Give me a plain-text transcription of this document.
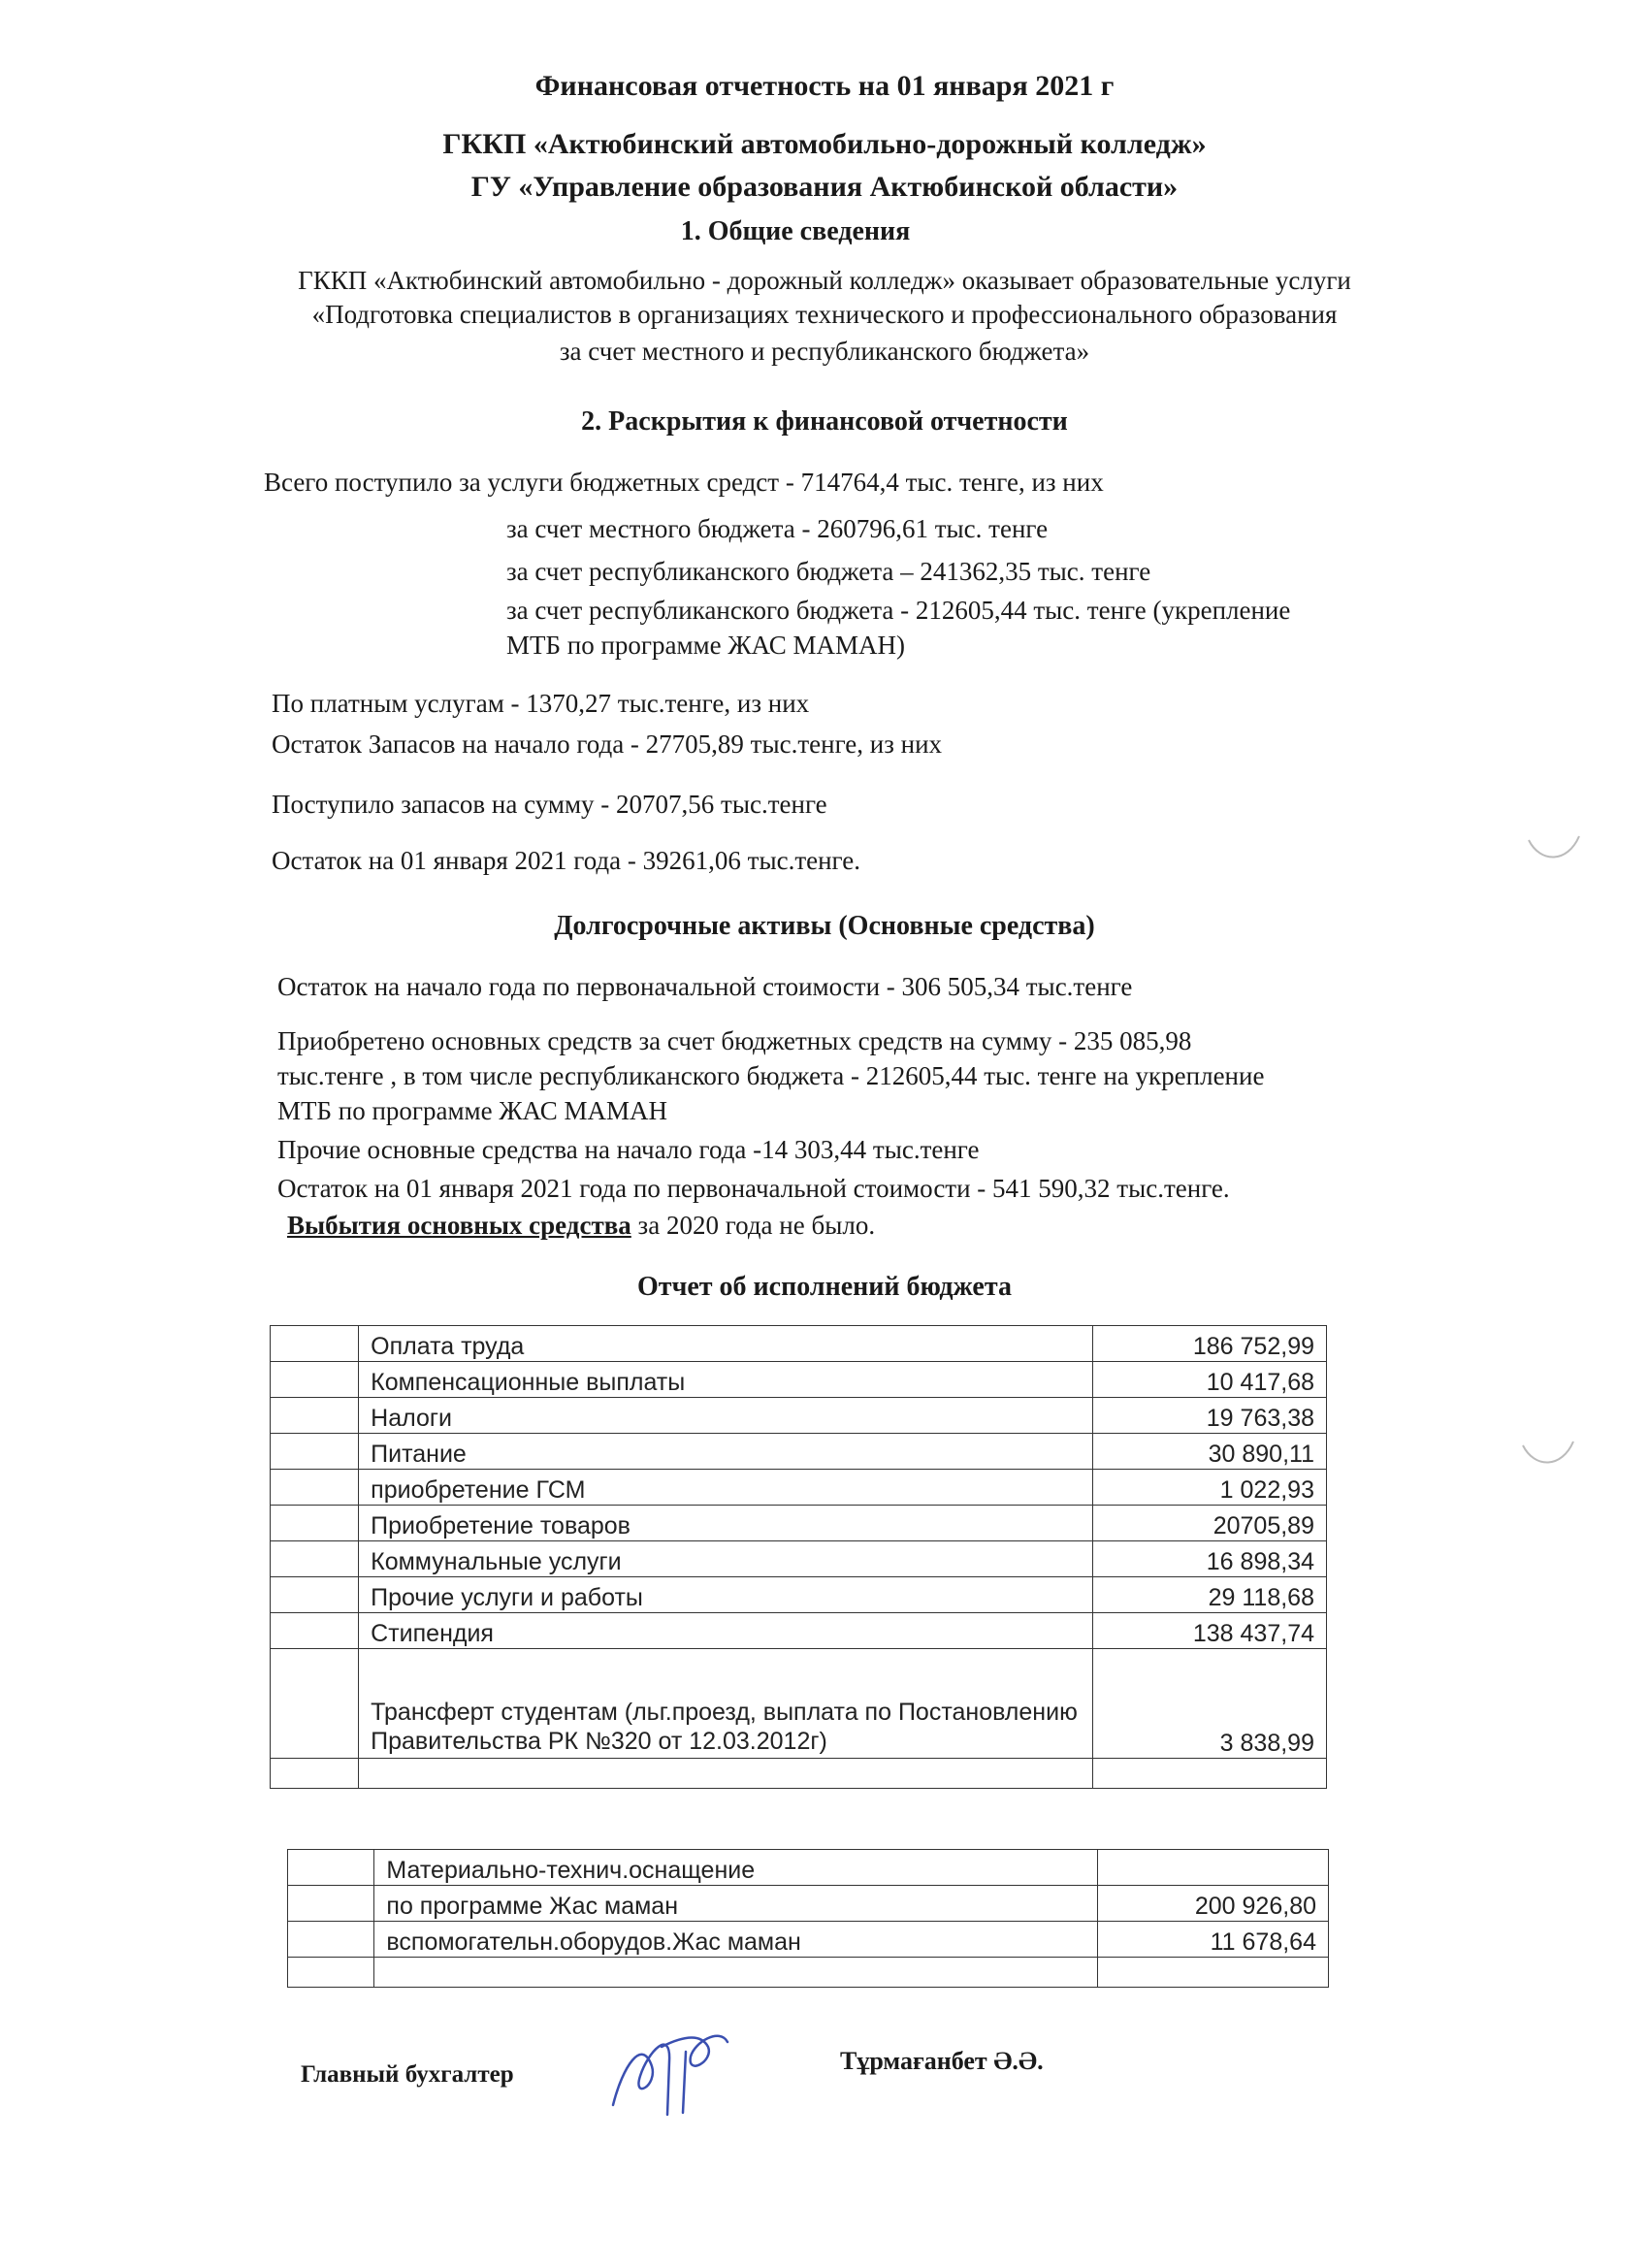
Финансовая отчетность на 01 января 2021 г
ГККП «Актюбинский автомобильно-дорожный колледж»
ГУ «Управление образования Актюбинской области»
1. Общие сведения
ГККП «Актюбинский автомобильно - дорожный колледж» оказывает образовательные услуги
«Подготовка специалистов в организациях технического и профессионального образования
за счет местного и республиканского бюджета»
2. Раскрытия к финансовой отчетности
Всего поступило за услуги бюджетных средст - 714764,4 тыс. тенге, из них
за счет местного бюджета - 260796,61 тыс. тенге
за счет республиканского бюджета – 241362,35 тыс. тенге
за счет республиканского бюджета - 212605,44 тыс. тенге (укрепление
МТБ по программе ЖАС МАМАН)
По платным услугам - 1370,27 тыс.тенге, из них
Остаток Запасов на начало года - 27705,89 тыс.тенге, из них
Поступило запасов на сумму - 20707,56 тыс.тенге
Остаток на 01 января 2021 года - 39261,06 тыс.тенге.
Долгосрочные активы (Основные средства)
Остаток на начало года по первоначальной стоимости - 306 505,34 тыс.тенге
Приобретено основных средств за счет бюджетных средств на сумму - 235 085,98
тыс.тенге , в том числе республиканского бюджета - 212605,44 тыс. тенге на укрепление
МТБ по программе ЖАС МАМАН
Прочие основные средства на начало года -14 303,44 тыс.тенге
Остаток на 01 января 2021 года по первоначальной стоимости - 541 590,32 тыс.тенге.
Выбытия основных средства за 2020 года не было.
Отчет об исполнений бюджета
	Оплата труда	186 752,99
	Компенсационные выплаты	10 417,68
	Налоги	19 763,38
	Питание	30 890,11
	приобретение ГСМ	1 022,93
	Приобретение товаров	20705,89
	Коммунальные услуги	16 898,34
	Прочие услуги и работы	29 118,68
	Стипендия	138 437,74
	Трансферт студентам (льг.проезд, выплата по Постановлению Правительства РК №320 от 12.03.2012г)	3 838,99

	Материально-технич.оснащение	
	по программе Жас маман	200 926,80
	вспомогательн.оборудов.Жас маман	11 678,64

Главный бухгалтер	Тұрмағанбет Ә.Ә.
